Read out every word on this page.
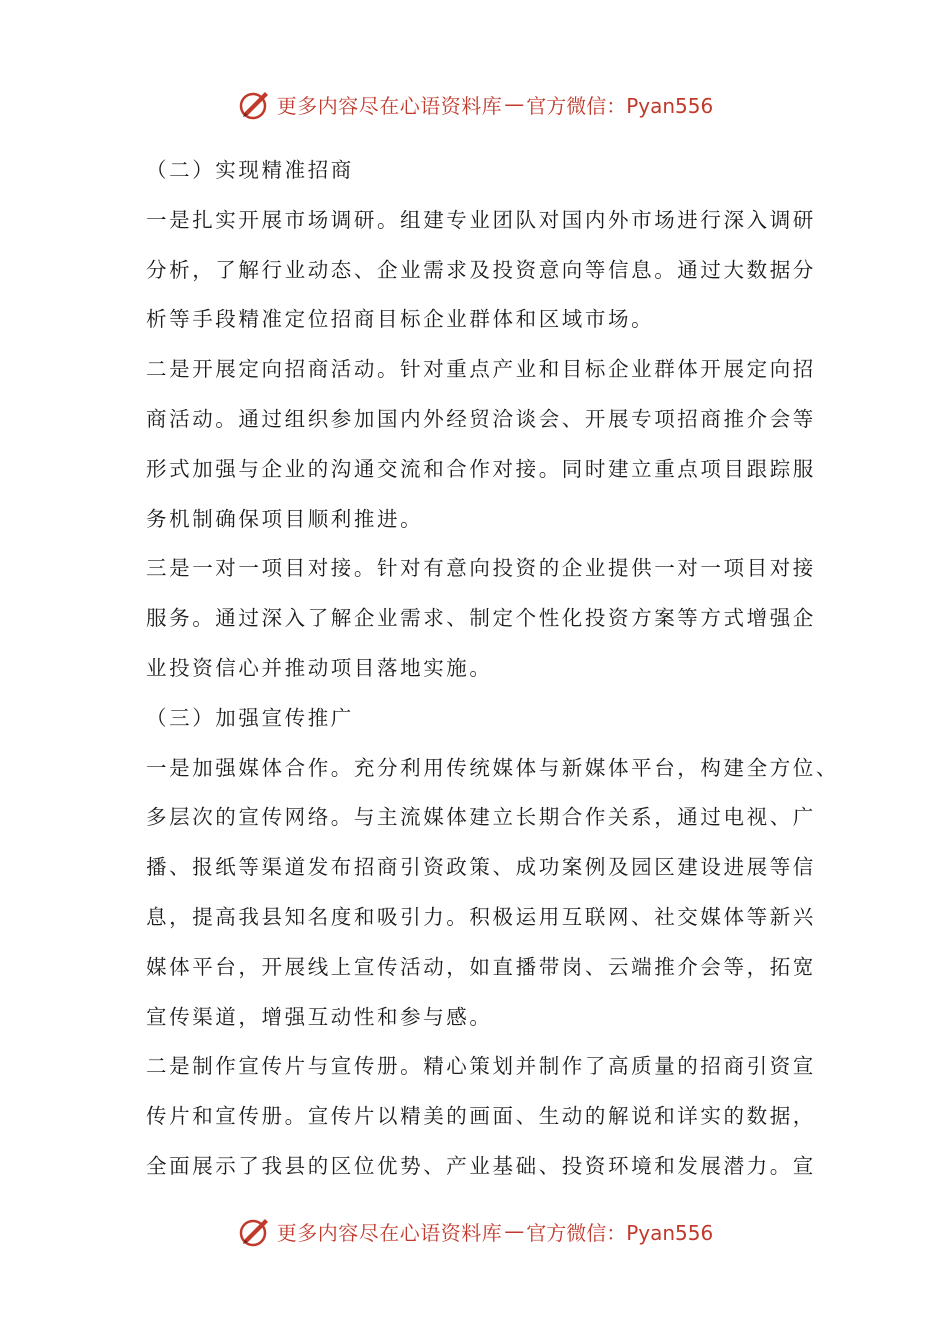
更多内容尽在心语资料库 — 官方微信：Pyan556
（二）实现精准招商
一是扎实开展市场调研。组建专业团队对国内外市场进行深入调研
分析，了解行业动态、企业需求及投资意向等信息。通过大数据分
析等手段精准定位招商目标企业群体和区域市场。
二是开展定向招商活动。针对重点产业和目标企业群体开展定向招
商活动。通过组织参加国内外经贸洽谈会、开展专项招商推介会等
形式加强与企业的沟通交流和合作对接。同时建立重点项目跟踪服
务机制确保项目顺利推进。
三是一对一项目对接。针对有意向投资的企业提供一对一项目对接
服务。通过深入了解企业需求、制定个性化投资方案等方式增强企
业投资信心并推动项目落地实施。
（三）加强宣传推广
一是加强媒体合作。充分利用传统媒体与新媒体平台，构建全方位、
多层次的宣传网络。与主流媒体建立长期合作关系，通过电视、广
播、报纸等渠道发布招商引资政策、成功案例及园区建设进展等信
息，提高我县知名度和吸引力。积极运用互联网、社交媒体等新兴
媒体平台，开展线上宣传活动，如直播带岗、云端推介会等，拓宽
宣传渠道，增强互动性和参与感。
二是制作宣传片与宣传册。精心策划并制作了高质量的招商引资宣
传片和宣传册。宣传片以精美的画面、生动的解说和详实的数据，
全面展示了我县的区位优势、产业基础、投资环境和发展潜力。宣
更多内容尽在心语资料库 — 官方微信：Pyan556
